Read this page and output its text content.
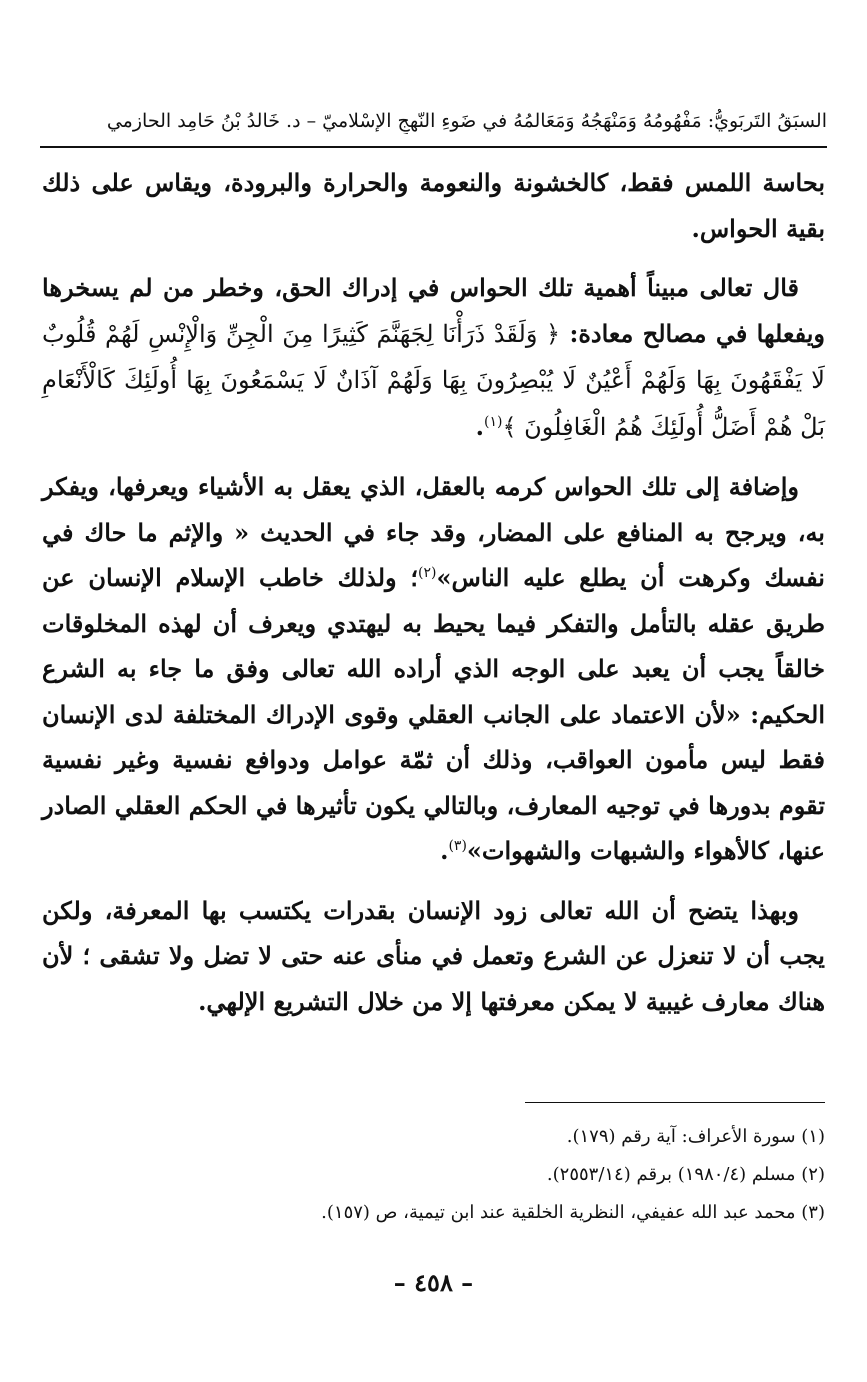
السبَقُ التَربَويُّ: مَفْهُومُهُ وَمَنْهَجُهُ وَمَعَالمُهُ في ضَوءِ النّهجِ الإسْلاميّ – د. خَالدُ بْنُ حَامِد الحازمي

بحاسة اللمس فقط، كالخشونة والنعومة والحرارة والبرودة، ويقاس على ذلك بقية الحواس.

قال تعالى مبيناً أهمية تلك الحواس في إدراك الحق، وخطر من لم يسخرها ويفعلها في مصالح معادة: ﴿ وَلَقَدْ ذَرَأْنَا لِجَهَنَّمَ كَثِيرًا مِنَ الْجِنِّ وَالْإِنْسِ لَهُمْ قُلُوبٌ لَا يَفْقَهُونَ بِهَا وَلَهُمْ أَعْيُنٌ لَا يُبْصِرُونَ بِهَا وَلَهُمْ آذَانٌ لَا يَسْمَعُونَ بِهَا أُولَئِكَ كَالْأَنْعَامِ بَلْ هُمْ أَضَلُّ أُولَئِكَ هُمُ الْغَافِلُونَ ﴾$^{(١)}$.

وإضافة إلى تلك الحواس كرمه بالعقل، الذي يعقل به الأشياء ويعرفها، ويفكر به، ويرجح به المنافع على المضار، وقد جاء في الحديث « والإثم ما حاك في نفسك وكرهت أن يطلع عليه الناس»$^{(٢)}$؛ ولذلك خاطب الإسلام الإنسان عن طريق عقله بالتأمل والتفكر فيما يحيط به ليهتدي ويعرف أن لهذه المخلوقات خالقاً يجب أن يعبد على الوجه الذي أراده الله تعالى وفق ما جاء به الشرع الحكيم: «لأن الاعتماد على الجانب العقلي وقوى الإدراك المختلفة لدى الإنسان فقط ليس مأمون العواقب، وذلك أن ثمّة عوامل ودوافع نفسية وغير نفسية تقوم بدورها في توجيه المعارف، وبالتالي يكون تأثيرها في الحكم العقلي الصادر عنها، كالأهواء والشبهات والشهوات»$^{(٣)}$.

وبهذا يتضح أن الله تعالى زود الإنسان بقدرات يكتسب بها المعرفة، ولكن يجب أن لا تنعزل عن الشرع وتعمل في منأى عنه حتى لا تضل ولا تشقى ؛ لأن هناك معارف غيبية لا يمكن معرفتها إلا من خلال التشريع الإلهي.

(١) سورة الأعراف: آية رقم (١٧٩).
(٢) مسلم (١٩٨٠/٤) برقم (٢٥٥٣/١٤).
(٣) محمد عبد الله عفيفي، النظرية الخلقية عند ابن تيمية، ص (١٥٧).
– ٤٥٨ –
